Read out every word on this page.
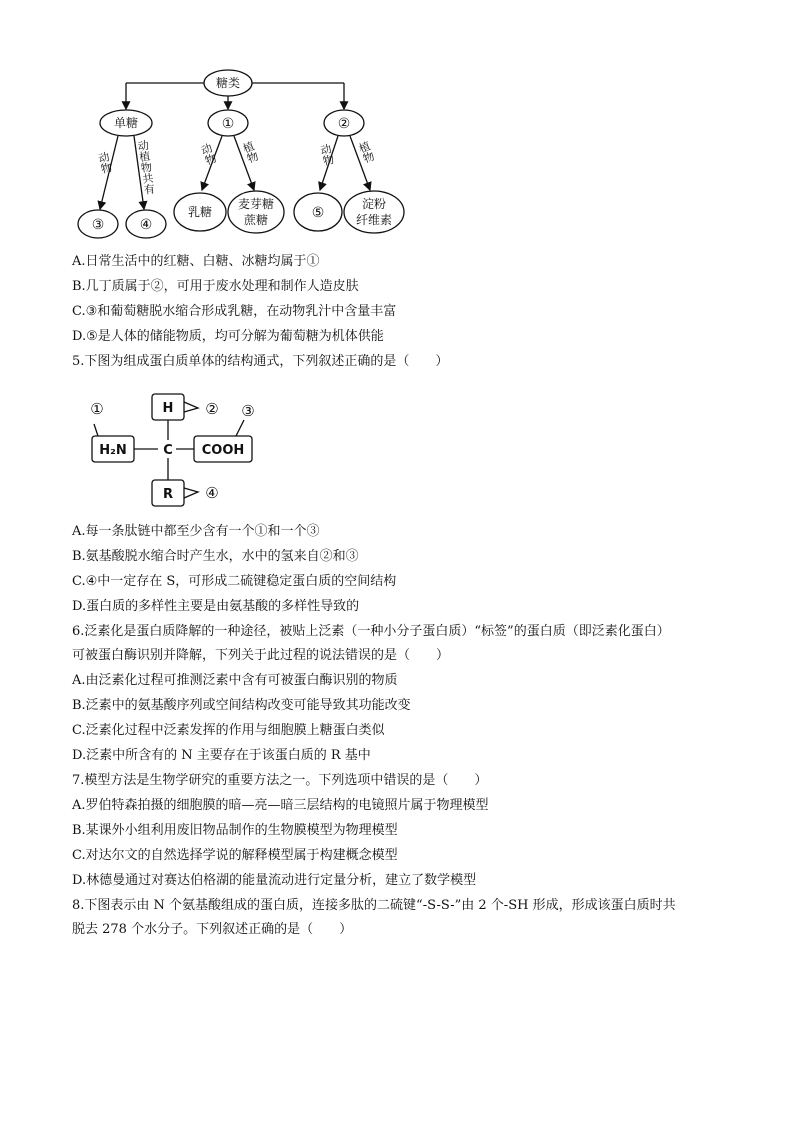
糖类
单糖	①	②
③	④
乳糖	⑤
麦芽糖
蔗糖
淀粉
纤维素
动物 动植物共有	动物 植物	动物 植物
A.日常生活中的红糖、白糖、冰糖均属于①
B.几丁质属于②，可用于废水处理和制作人造皮肤
C.③和葡萄糖脱水缩合形成乳糖，在动物乳汁中含量丰富
D.⑤是人体的储能物质，均可分解为葡萄糖为机体供能
5.下图为组成蛋白质单体的结构通式，下列叙述正确的是（　　）
①	② ③
④
H₂N
H
C COOH
R
A.每一条肽链中都至少含有一个①和一个③
B.氨基酸脱水缩合时产生水，水中的氢来自②和③
C.④中一定存在 S，可形成二硫键稳定蛋白质的空间结构
D.蛋白质的多样性主要是由氨基酸的多样性导致的
6.泛素化是蛋白质降解的一种途径，被贴上泛素（一种小分子蛋白质）“标签”的蛋白质（即泛素化蛋白）
可被蛋白酶识别并降解，下列关于此过程的说法错误的是（　　）
A.由泛素化过程可推测泛素中含有可被蛋白酶识别的物质
B.泛素中的氨基酸序列或空间结构改变可能导致其功能改变
C.泛素化过程中泛素发挥的作用与细胞膜上糖蛋白类似
D.泛素中所含有的 N 主要存在于该蛋白质的 R 基中
7.模型方法是生物学研究的重要方法之一。下列选项中错误的是（　　）
A.罗伯特森拍摄的细胞膜的暗—亮—暗三层结构的电镜照片属于物理模型
B.某课外小组利用废旧物品制作的生物膜模型为物理模型
C.对达尔文的自然选择学说的解释模型属于构建概念模型
D.林德曼通过对赛达伯格湖的能量流动进行定量分析，建立了数学模型
8.下图表示由 N 个氨基酸组成的蛋白质，连接多肽的二硫键“-S-S-”由 2 个-SH 形成，形成该蛋白质时共
脱去 278 个水分子。下列叙述正确的是（　　）
